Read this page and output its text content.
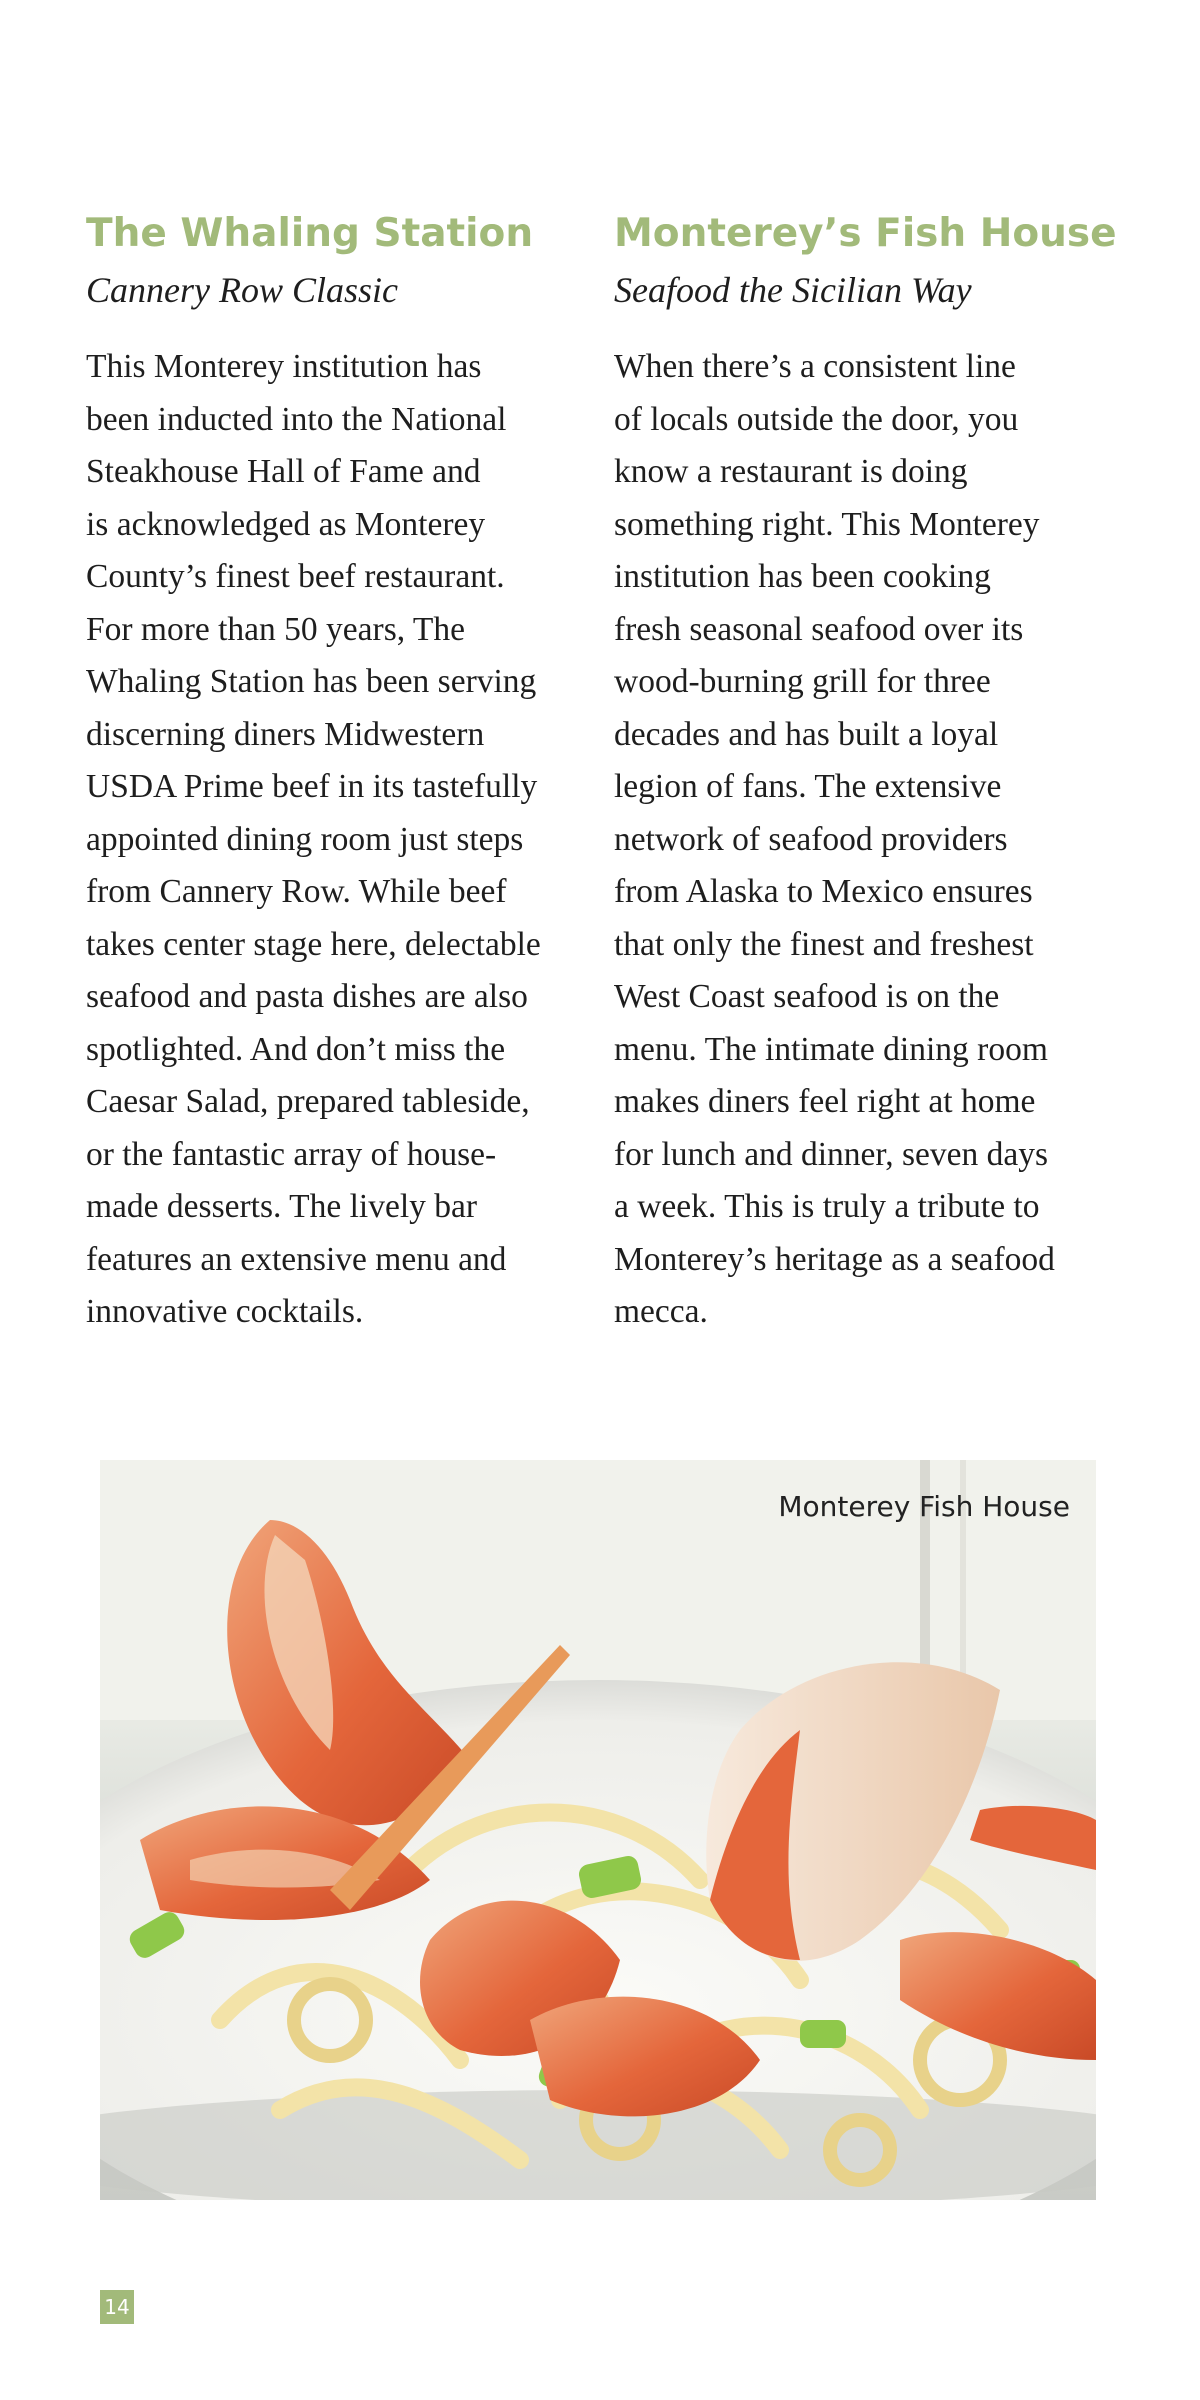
The Whaling Station
Cannery Row Classic

This Monterey institution has
been inducted into the National
Steakhouse Hall of Fame and
is acknowledged as Monterey
County’s finest beef restaurant.
For more than 50 years, The
Whaling Station has been serving
discerning diners Midwestern
USDA Prime beef in its tastefully
appointed dining room just steps
from Cannery Row. While beef
takes center stage here, delectable
seafood and pasta dishes are also
spotlighted. And don’t miss the
Caesar Salad, prepared tableside,
or the fantastic array of house-
made desserts. The lively bar
features an extensive menu and
innovative cocktails.

Monterey’s Fish House
Seafood the Sicilian Way

When there’s a consistent line
of locals outside the door, you
know a restaurant is doing
something right. This Monterey
institution has been cooking
fresh seasonal seafood over its
wood-burning grill for three
decades and has built a loyal
legion of fans. The extensive
network of seafood providers
from Alaska to Mexico ensures
that only the finest and freshest
West Coast seafood is on the
menu. The intimate dining room
makes diners feel right at home
for lunch and dinner, seven days
a week. This is truly a tribute to
Monterey’s heritage as a seafood
mecca.

Monterey Fish House
14
